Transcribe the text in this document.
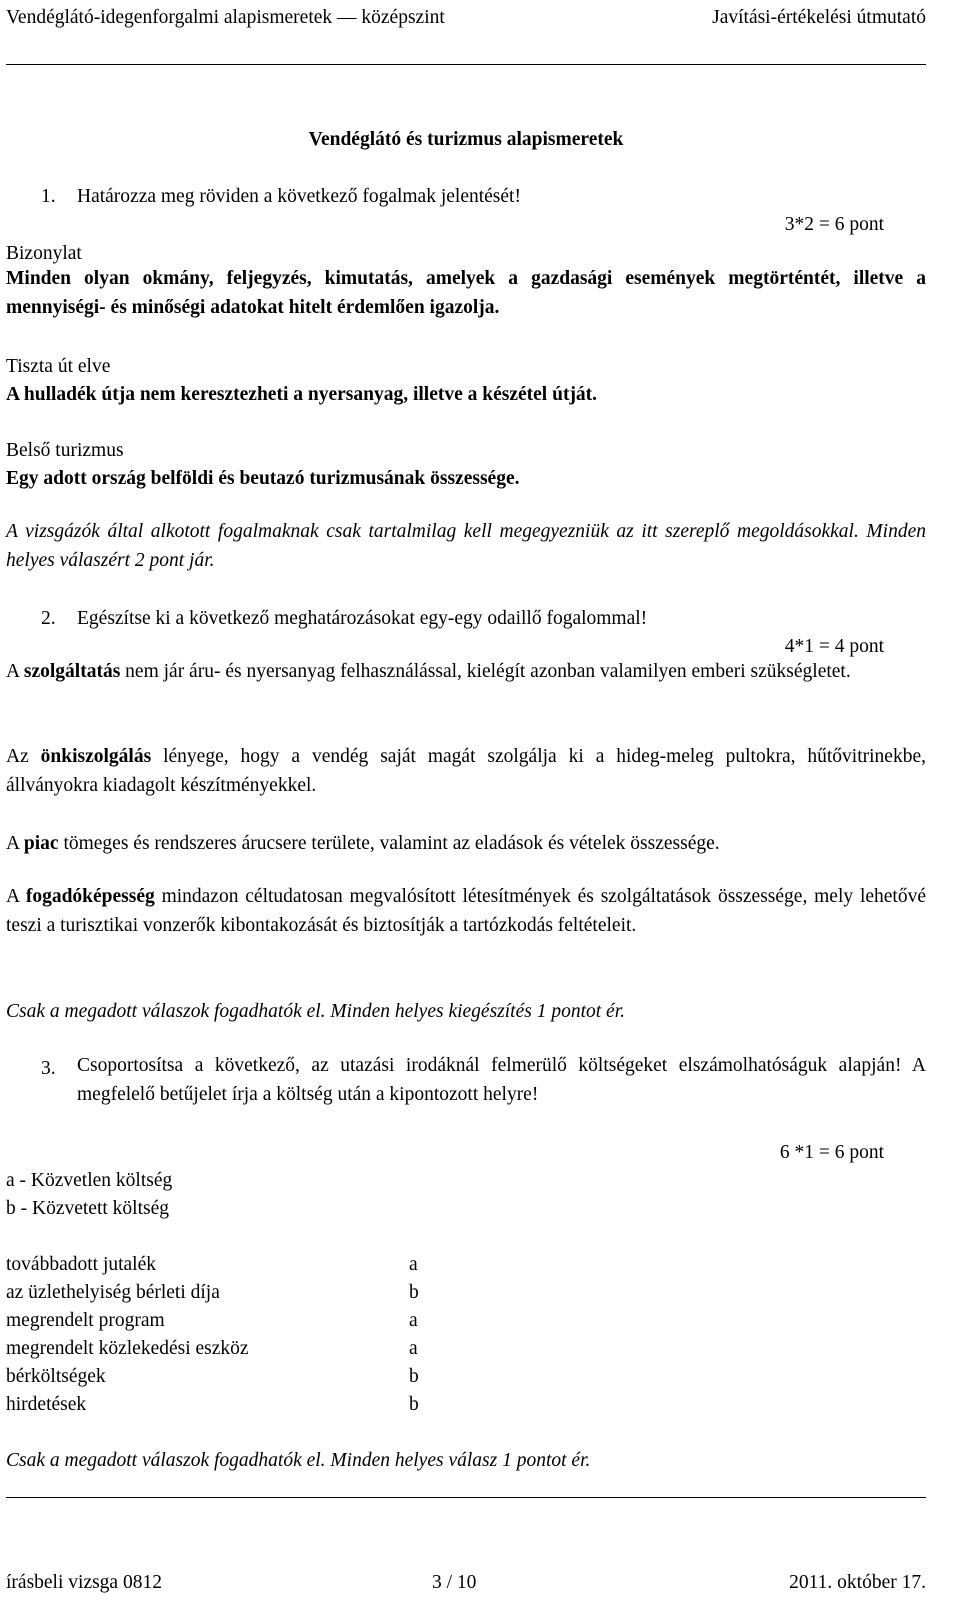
Vendéglátó-idegenforgalmi alapismeretek — középszint	Javítási-értékelési útmutató
Vendéglátó és turizmus alapismeretek
1. Határozza meg röviden a következő fogalmak jelentését!
3*2 = 6 pont
Bizonylat
Minden olyan okmány, feljegyzés, kimutatás, amelyek a gazdasági események megtörténtét, illetve a mennyiségi- és minőségi adatokat hitelt érdemlően igazolja.
Tiszta út elve
A hulladék útja nem keresztezheti a nyersanyag, illetve a készétel útját.
Belső turizmus
Egy adott ország belföldi és beutazó turizmusának összessége.
A vizsgázók által alkotott fogalmaknak csak tartalmilag kell megegyezniük az itt szereplő megoldásokkal. Minden helyes válaszért 2 pont jár.
2. Egészítse ki a következő meghatározásokat egy-egy odaillő fogalommal!
4*1 = 4 pont
A szolgáltatás nem jár áru- és nyersanyag felhasználással, kielégít azonban valamilyen emberi szükségletet.
Az önkiszolgálás lényege, hogy a vendég saját magát szolgálja ki a hideg-meleg pultokra, hűtővitrinekbe, állványokra kiadagolt készítményekkel.
A piac tömeges és rendszeres árucsere területe, valamint az eladások és vételek összessége.
A fogadóképesség mindazon céltudatosan megvalósított létesítmények és szolgáltatások összessége, mely lehetővé teszi a turisztikai vonzerők kibontakozását és biztosítják a tartózkodás feltételeit.
Csak a megadott válaszok fogadhatók el. Minden helyes kiegészítés 1 pontot ér.
3. Csoportosítsa a következő, az utazási irodáknál felmerülő költségeket elszámolhatóságuk alapján! A megfelelő betűjelet írja a költség után a kipontozott helyre!
6 *1 = 6 pont
a - Közvetlen költség
b - Közvetett költség
továbbadott jutalék	a
az üzlethelyiség bérleti díja	b
megrendelt program	a
megrendelt közlekedési eszköz	a
bérköltségek	b
hirdetések	b
Csak a megadott válaszok fogadhatók el. Minden helyes válasz 1 pontot ér.
írásbeli vizsga 0812	3 / 10	2011. október 17.
